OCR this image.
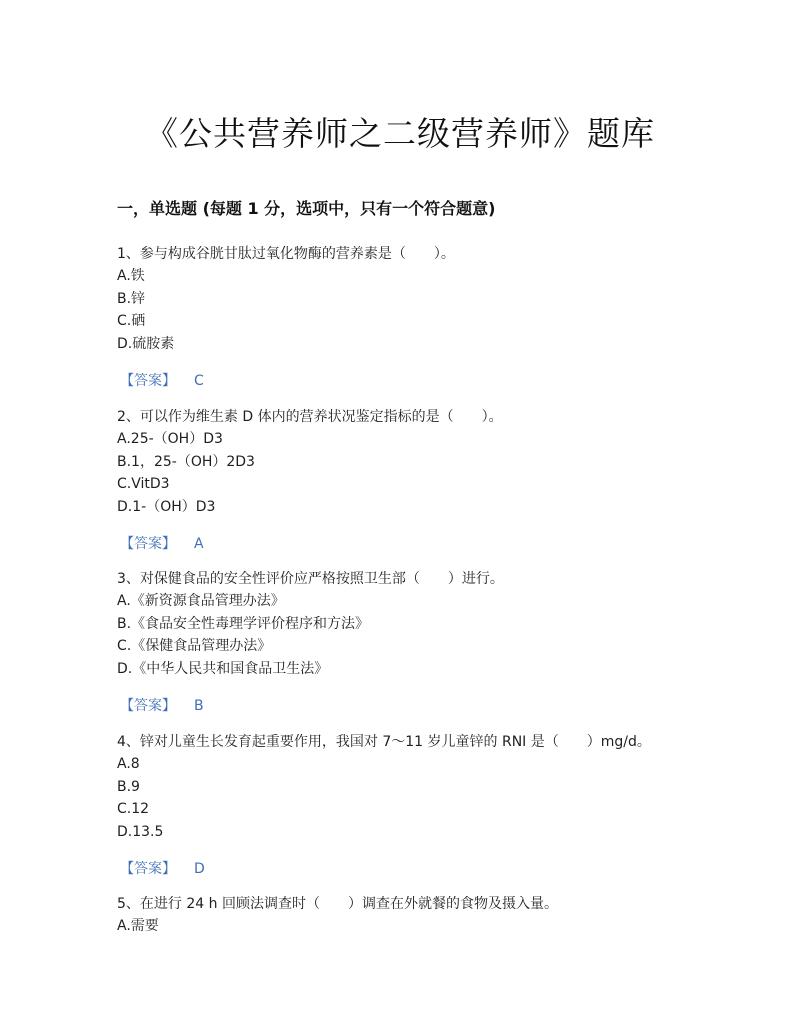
《公共营养师之二级营养师》题库
一，单选题 (每题 1 分，选项中，只有一个符合题意)
1、参与构成谷胱甘肽过氧化物酶的营养素是（　　）。
A.铁
B.锌
C.硒
D.硫胺素
【答案】 C
2、可以作为维生素 D 体内的营养状况鉴定指标的是（　　）。
A.25-（OH）D3
B.1，25-（OH）2D3
C.VitD3
D.1-（OH）D3
【答案】 A
3、对保健食品的安全性评价应严格按照卫生部（　　）进行。
A.《新资源食品管理办法》
B.《食品安全性毒理学评价程序和方法》
C.《保健食品管理办法》
D.《中华人民共和国食品卫生法》
【答案】 B
4、锌对儿童生长发育起重要作用，我国对 7～11 岁儿童锌的 RNI 是（　　）mg/d。
A.8
B.9
C.12
D.13.5
【答案】 D
5、在进行 24 h 回顾法调查时（　　）调查在外就餐的食物及摄入量。
A.需要
